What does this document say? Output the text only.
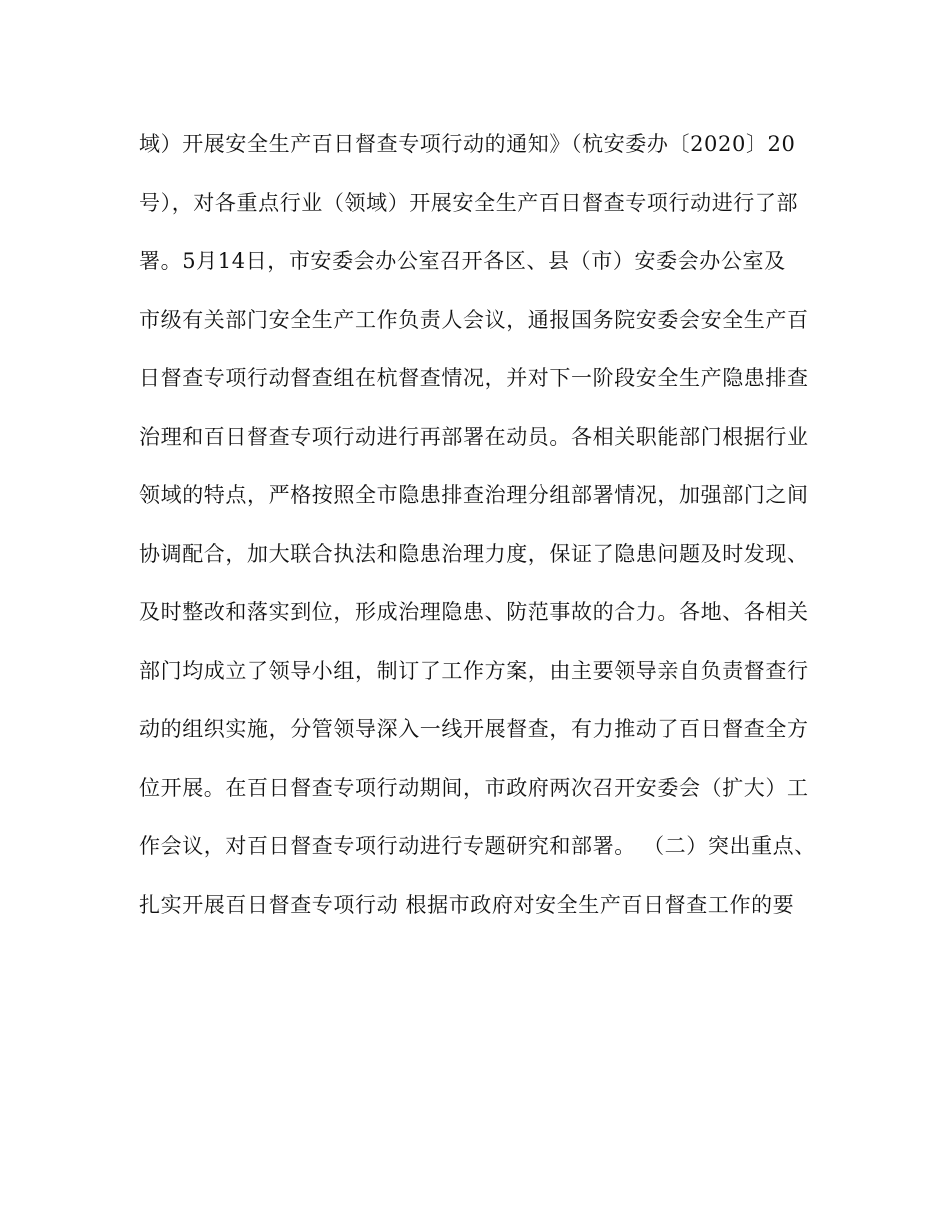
域）开展安全生产百日督查专项行动的通知》（杭安委办〔2020〕20
号），对各重点行业（领域）开展安全生产百日督查专项行动进行了部
署。5月14日，市安委会办公室召开各区、县（市）安委会办公室及
市级有关部门安全生产工作负责人会议，通报国务院安委会安全生产百
日督查专项行动督查组在杭督查情况，并对下一阶段安全生产隐患排查
治理和百日督查专项行动进行再部署在动员。各相关职能部门根据行业
领域的特点，严格按照全市隐患排查治理分组部署情况，加强部门之间
协调配合，加大联合执法和隐患治理力度，保证了隐患问题及时发现、
及时整改和落实到位，形成治理隐患、防范事故的合力。各地、各相关
部门均成立了领导小组，制订了工作方案，由主要领导亲自负责督查行
动的组织实施，分管领导深入一线开展督查，有力推动了百日督查全方
位开展。在百日督查专项行动期间，市政府两次召开安委会（扩大）工
作会议，对百日督查专项行动进行专题研究和部署。 （二）突出重点、
扎实开展百日督查专项行动 根据市政府对安全生产百日督查工作的要
